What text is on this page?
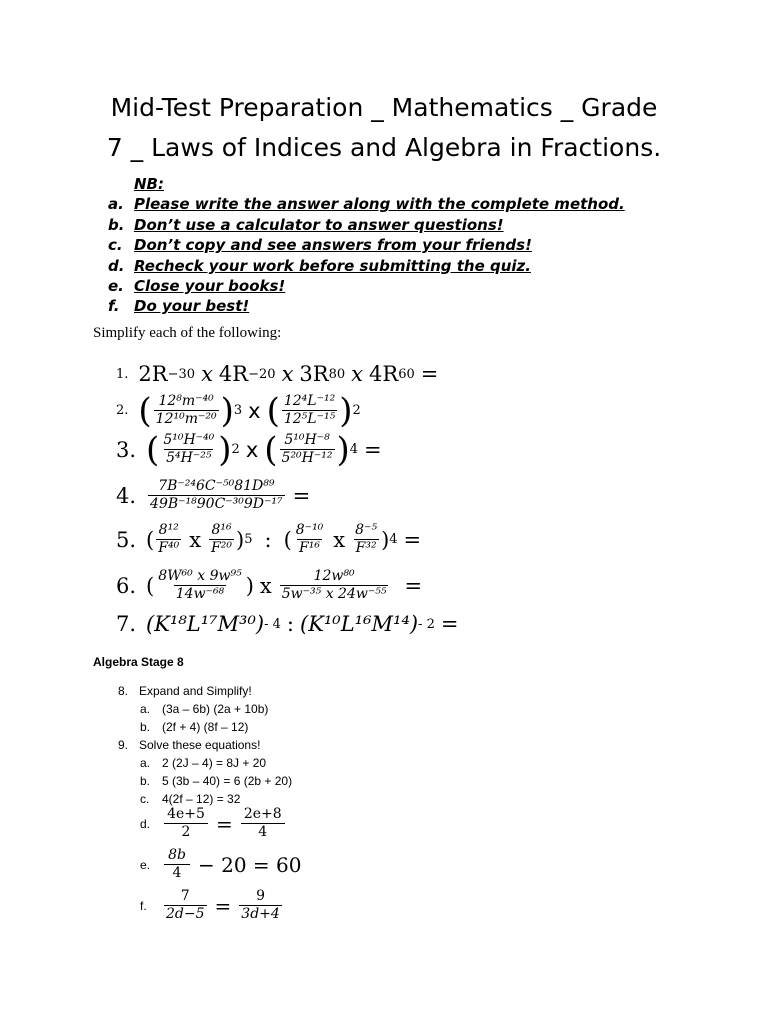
Mid-Test Preparation _ Mathematics _ Grade
7 _ Laws of Indices and Algebra in Fractions.
NB:
a. Please write the answer along with the complete method.
b. Don’t use a calculator to answer questions!
c. Don’t copy and see answers from your friends!
d. Recheck your work before submitting the quiz.
e. Close your books!
f. Do your best!
Simplify each of the following:
1. 2R −30 x 4R −20 x 3R 80 x 4R 60 =
2. ( $\frac{\text{12⁸m⁻⁴⁰}}{\text{12¹⁰m⁻²⁰}}$ ) 3 x ( $\frac{\text{12⁴L⁻¹²}}{\text{12⁵L⁻¹⁵}}$ ) 2
3. ( $\frac{\text{5¹⁰H⁻⁴⁰}}{\text{5⁴H⁻²⁵}}$ ) 2 x ( $\frac{\text{5¹⁰H⁻⁸}}{\text{5²⁰H⁻¹²}}$ ) 4 =
4. $\frac{\text{7B⁻²⁴6C⁻⁵⁰81D⁸⁹}}{\text{49B⁻¹⁸90C⁻³⁰9D⁻¹⁷}}$ =
5. ( $\frac{\text{8¹²}}{\text{F⁴⁰}}$ x $\frac{\text{8¹⁶}}{\text{F²⁰}}$ ) 5 : ( $\frac{\text{8⁻¹⁰}}{\text{F¹⁶}}$ x $\frac{\text{8⁻⁵}}{\text{F³²}}$ ) 4 =
6. ( $\frac{\text{8W⁶⁰ x 9w⁹⁵}}{\text{14w⁻⁶⁸}}$ ) x $\frac{\text{12w⁸⁰}}{\text{5w⁻³⁵ x 24w⁻⁵⁵}}$ =
7. (K¹⁸L¹⁷M³⁰) - 4 : (K¹⁰L¹⁶M¹⁴) - 2 =
Algebra Stage 8
8. Expand and Simplify!
a. (3a – 6b) (2a + 10b)
b. (2f + 4) (8f – 12)
9. Solve these equations!
a. 2 (2J – 4) = 8J + 20
b. 5 (3b – 40) = 6 (2b + 20)
c.	4(2f – 12) = 32
d. $\frac{4e+5}{2} = \frac{2e+8}{4}$
e. $\frac{8b}{4} - 20 = 60$
f.	$\frac{7}{2d-5} = \frac{9}{3d+4}$
